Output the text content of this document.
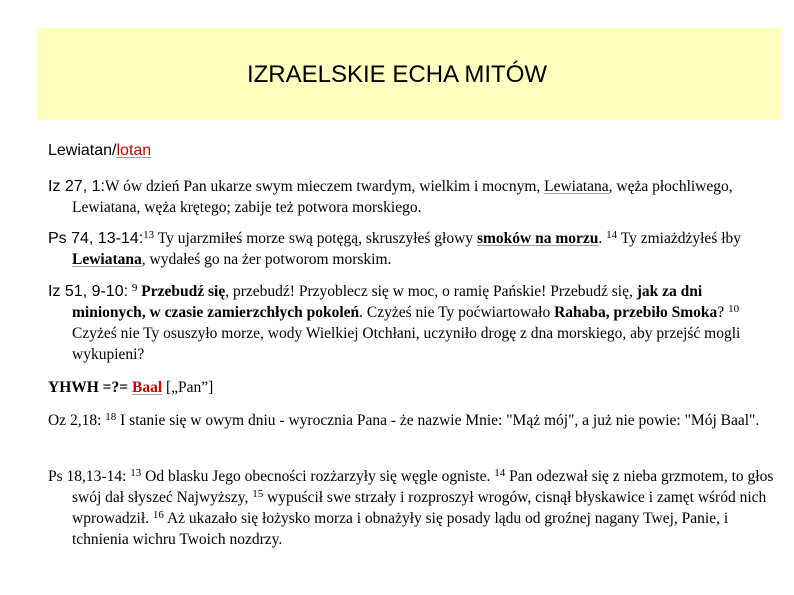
IZRAELSKIE ECHA MITÓW
Lewiatan/lotan
Iz 27, 1:W ów dzień Pan ukarze swym mieczem twardym, wielkim i mocnym, Lewiatana, węża płochliwego, Lewiatana, węża krętego; zabije też potwora morskiego.
Ps 74, 13-14:$^{13}$ Ty ujarzmiłeś morze swą potęgą, skruszyłeś głowy smoków na morzu. $^{14}$ Ty zmiażdżyłeś łby Lewiatana, wydałeś go na żer potworom morskim.
Iz 51, 9-10: $^9$ Przebudź się, przebudź! Przyoblecz się w moc, o ramię Pańskie! Przebudź się, jak za dni minionych, w czasie zamierzchłych pokoleń. Czyżeś nie Ty poćwiartowało Rahaba, przebiło Smoka? $^{10}$ Czyżeś nie Ty osuszyło morze, wody Wielkiej Otchłani, uczyniło drogę z dna morskiego, aby przejść mogli wykupieni?
YHWH =?= Baal [„Pan”]
Oz 2,18: $^{18}$ I stanie się w owym dniu - wyrocznia Pana - że nazwie Mnie: "Mąż mój", a już nie powie: "Mój Baal".
Ps 18,13-14: $^{13}$ Od blasku Jego obecności rozżarzyły się węgle ogniste. $^{14}$ Pan odezwał się z nieba grzmotem, to głos swój dał słyszeć Najwyższy, $^{15}$ wypuścił swe strzały i rozproszył wrogów, cisnął błyskawice i zamęt wśród nich wprowadził. $^{16}$ Aż ukazało się łożysko morza i obnażyły się posady lądu od groźnej nagany Twej, Panie, i tchnienia wichru Twoich nozdrzy.
